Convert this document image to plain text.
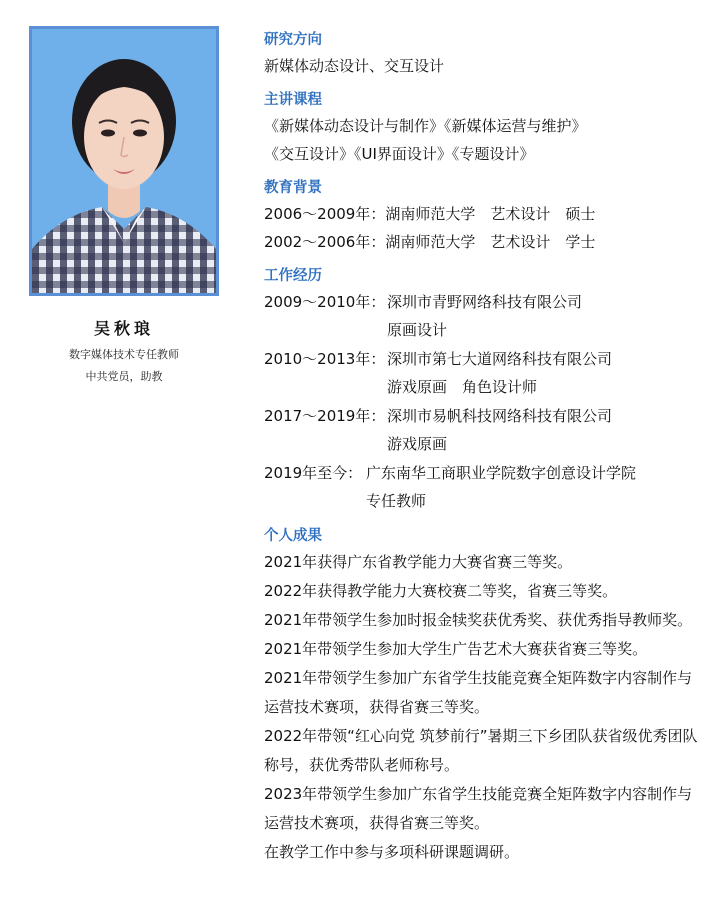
吴秋琅
数字媒体技术专任教师
中共党员，助教
研究方向
新媒体动态设计、交互设计
主讲课程
《新媒体动态设计与制作》《新媒体运营与维护》
《交互设计》《UI界面设计》《专题设计》
教育背景
2006～2009年：湖南师范大学　艺术设计　硕士
2002～2006年：湖南师范大学　艺术设计　学士
工作经历
2009～2010年： 深圳市青野网络科技有限公司
原画设计
2010～2013年： 深圳市第七大道网络科技有限公司
游戏原画　角色设计师
2017～2019年： 深圳市易帆科技网络科技有限公司
游戏原画
2019年至今： 广东南华工商职业学院数字创意设计学院
专任教师
个人成果
2021年获得广东省教学能力大赛省赛三等奖。
2022年获得教学能力大赛校赛二等奖，省赛三等奖。
2021年带领学生参加时报金犊奖获优秀奖、获优秀指导教师奖。
2021年带领学生参加大学生广告艺术大赛获省赛三等奖。
2021年带领学生参加广东省学生技能竞赛全矩阵数字内容制作与运营技术赛项，获得省赛三等奖。
2022年带领“红心向党 筑梦前行”暑期三下乡团队获省级优秀团队称号，获优秀带队老师称号。
2023年带领学生参加广东省学生技能竞赛全矩阵数字内容制作与运营技术赛项，获得省赛三等奖。
在教学工作中参与多项科研课题调研。
